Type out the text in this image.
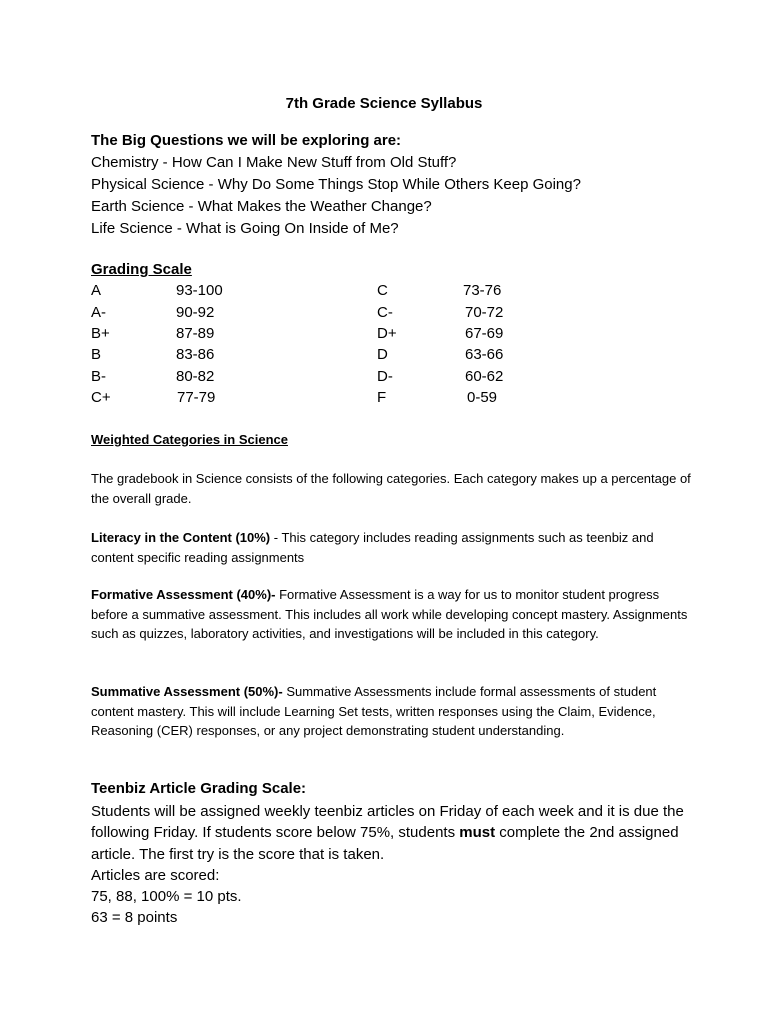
7th Grade Science Syllabus
The Big Questions we will be exploring are:
Chemistry - How Can I Make New Stuff from Old Stuff?
Physical Science - Why Do Some Things Stop While Others Keep Going?
Earth Science - What Makes the Weather Change?
Life Science - What is Going On Inside of Me?
Grading Scale
A	93-100	C	73-76
A-	90-92	C-	70-72
B+	87-89	D+	67-69
B	83-86	D	63-66
B-	80-82	D-	60-62
C+	77-79	F	0-59
Weighted Categories in Science

The gradebook in Science consists of the following categories. Each category makes up a percentage of the overall grade.

Literacy in the Content (10%) - This category includes reading assignments such as teenbiz and content specific reading assignments

Formative Assessment (40%)- Formative Assessment is a way for us to monitor student progress before a summative assessment. This includes all work while developing concept mastery. Assignments such as quizzes, laboratory activities, and investigations will be included in this category.

Summative Assessment (50%)- Summative Assessments include formal assessments of student content mastery. This will include Learning Set tests, written responses using the Claim, Evidence, Reasoning (CER) responses, or any project demonstrating student understanding.

Teenbiz Article Grading Scale:

Students will be assigned weekly teenbiz articles on Friday of each week and it is due the following Friday. If students score below 75%, students must complete the 2nd assigned article. The first try is the score that is taken.

Articles are scored:
75, 88, 100% = 10 pts.
63 = 8 points
